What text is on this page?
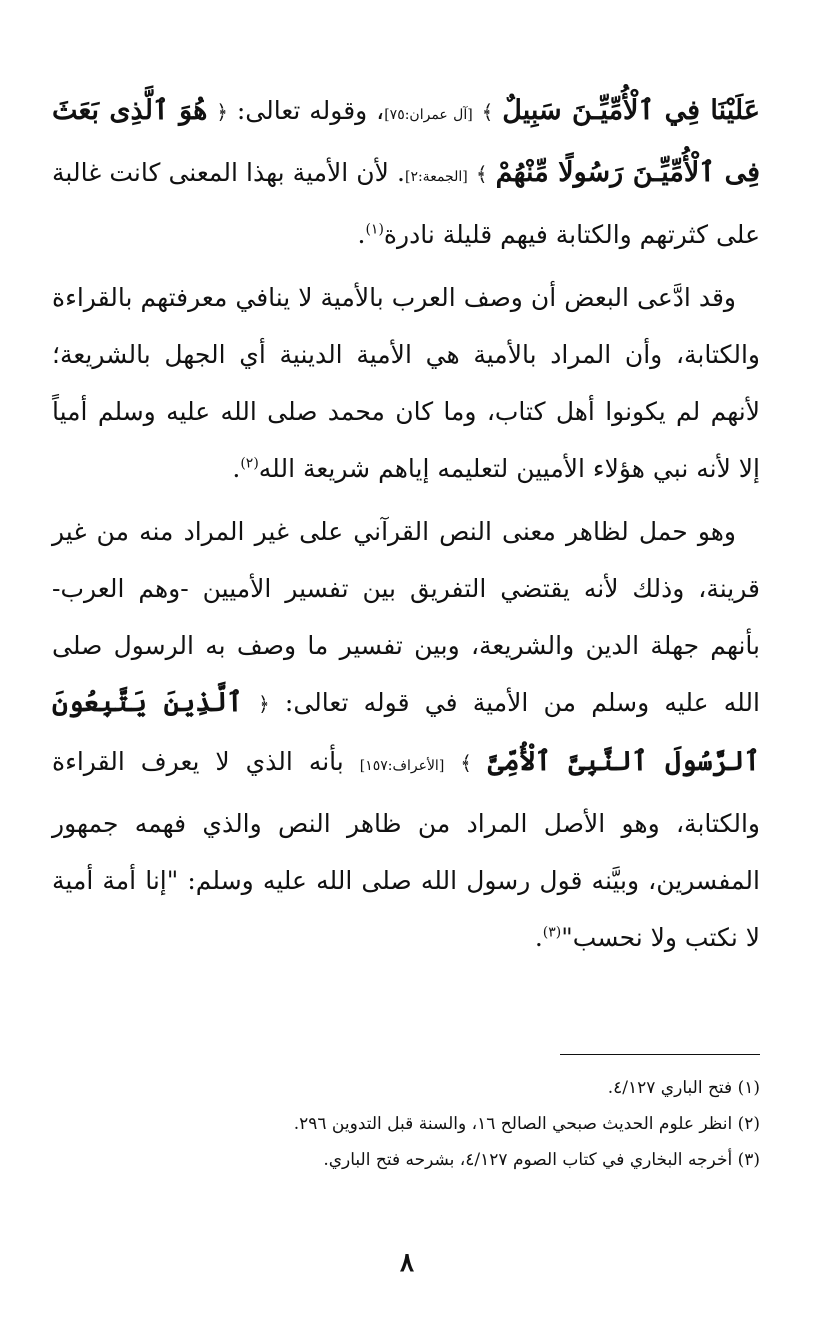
عَلَيْنَا فِي ٱلْأُمِّيِّـنَ سَبِيلٌ ﴾ [آل عمران:٧٥]، وقوله تعالى: ﴿ هُوَ ٱلَّذِى بَعَثَ فِى ٱلْأُمِّيِّـنَ رَسُولًا مِّنْهُمْ ﴾ [الجمعة:٢]. لأن الأمية بهذا المعنى كانت غالبة على كثرتهم والكتابة فيهم قليلة نادرة$^{(١)}$.

وقد ادَّعى البعض أن وصف العرب بالأمية لا ينافي معرفتهم بالقراءة والكتابة، وأن المراد بالأمية هي الأمية الدينية أي الجهل بالشريعة؛ لأنهم لم يكونوا أهل كتاب، وما كان محمد صلى الله عليه وسلم أمياً إلا لأنه نبي هؤلاء الأميين لتعليمه إياهم شريعة الله$^{(٢)}$.

وهو حمل لظاهر معنى النص القرآني على غير المراد منه من غير قرينة، وذلك لأنه يقتضي التفريق بين تفسير الأميين -وهم العرب- بأنهم جهلة الدين والشريعة، وبين تفسير ما وصف به الرسول صلى الله عليه وسلم من الأمية في قوله تعالى: ﴿ ٱلَّذِينَ يَتَّبِعُونَ ٱلرَّسُولَ ٱلنَّبِىَّ ٱلْأُمِّىَّ ﴾ [الأعراف:١٥٧] بأنه الذي لا يعرف القراءة والكتابة، وهو الأصل المراد من ظاهر النص والذي فهمه جمهور المفسرين، وبيَّنه قول رسول الله صلى الله عليه وسلم: "إنا أمة أمية لا نكتب ولا نحسب"$^{(٣)}$.

(١) فتح الباري ٤/١٢٧.

(٢) انظر علوم الحديث صبحي الصالح ١٦، والسنة قبل التدوين ٢٩٦.

(٣) أخرجه البخاري في كتاب الصوم ٤/١٢٧، بشرحه فتح الباري.

٨
